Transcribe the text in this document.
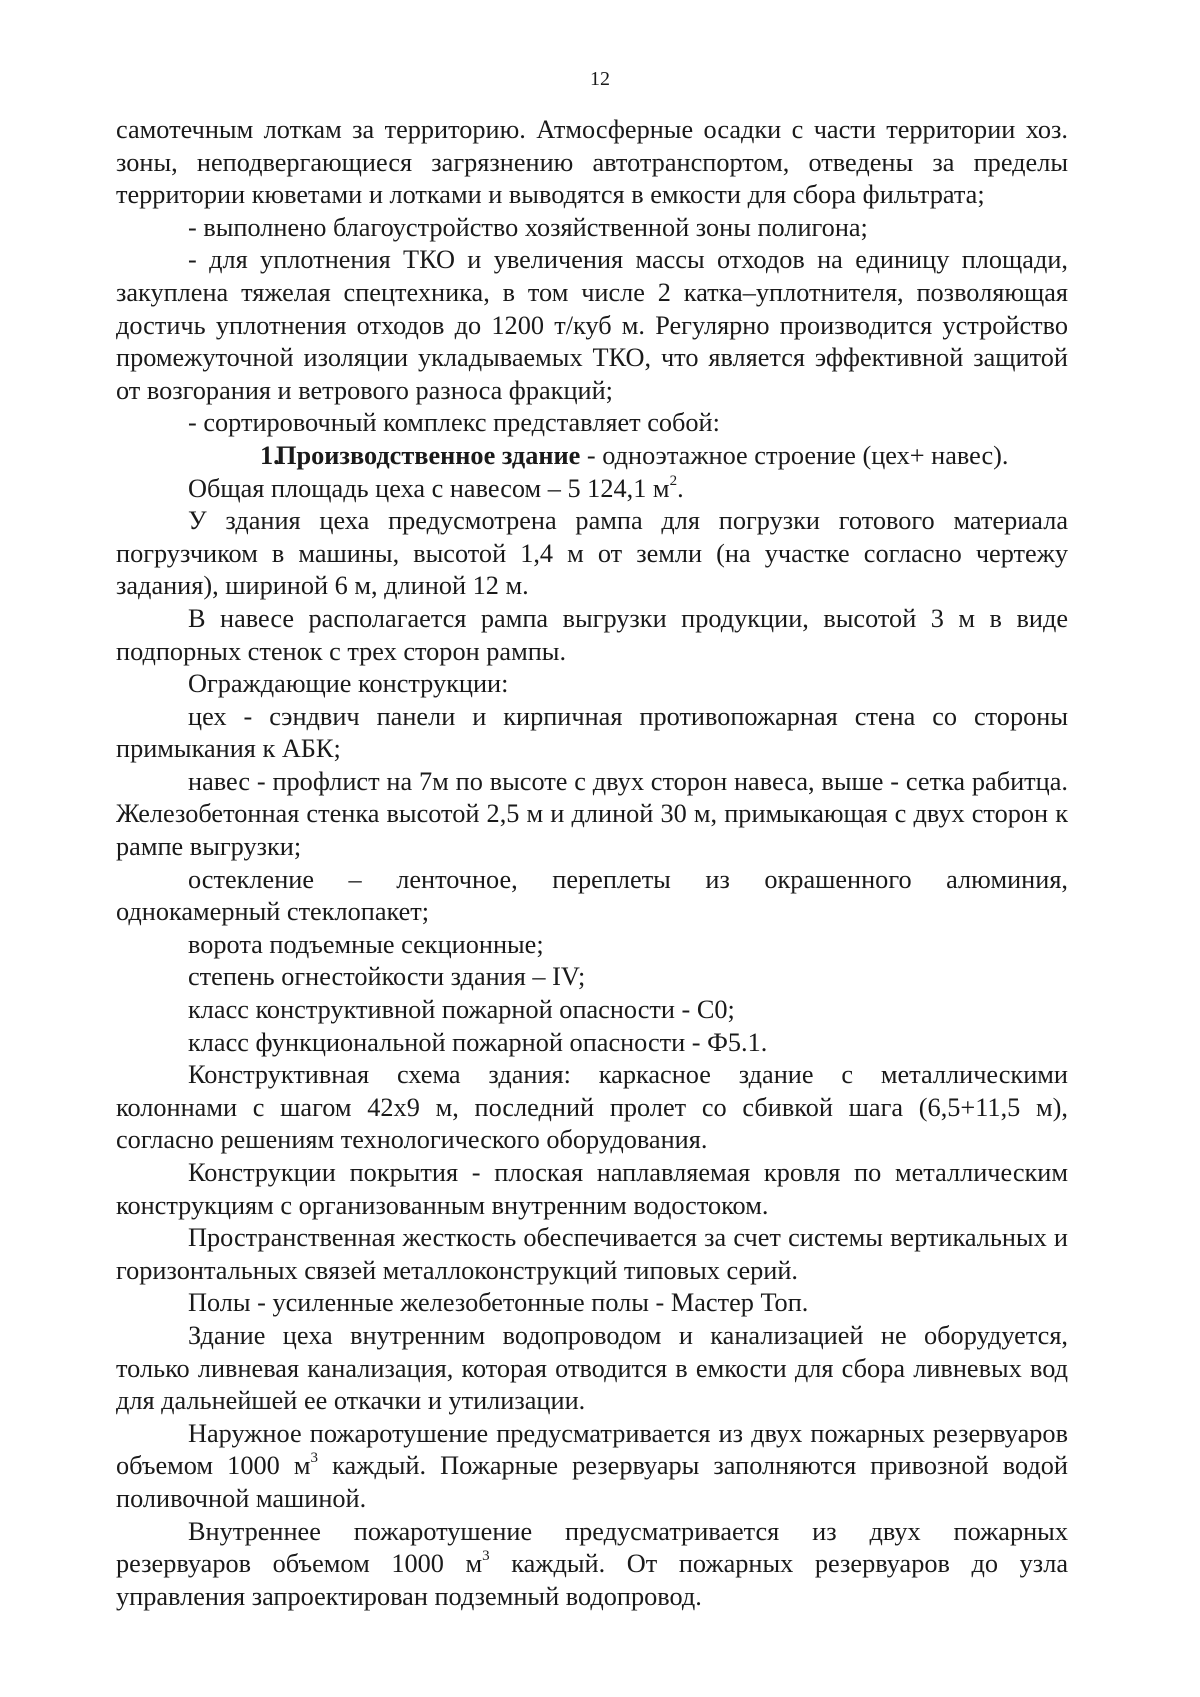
12

самотечным лоткам за территорию. Атмосферные осадки с части территории хоз. зоны, неподвергающиеся загрязнению автотранспортом, отведены за пределы территории кюветами и лотками и выводятся в емкости для сбора фильтрата;

- выполнено благоустройство хозяйственной зоны полигона;

- для уплотнения ТКО и увеличения массы отходов на единицу площади, закуплена тяжелая спецтехника, в том числе 2 катка–уплотнителя, позволяющая достичь уплотнения отходов до 1200 т/куб м. Регулярно производится устройство промежуточной изоляции укладываемых ТКО, что является эффективной защитой от возгорания и ветрового разноса фракций;

- сортировочный комплекс представляет собой:

1.Производственное здание - одноэтажное строение (цех+ навес).

Общая площадь цеха с навесом – 5 124,1 $м^2$.

У здания цеха предусмотрена рампа для погрузки готового материала погрузчиком в машины, высотой 1,4 м от земли (на участке согласно чертежу задания), шириной 6 м, длиной 12 м.

В навесе располагается рампа выгрузки продукции, высотой 3 м в виде подпорных стенок с трех сторон рампы.

Ограждающие конструкции:

цех - сэндвич панели и кирпичная противопожарная стена со стороны примыкания к АБК;

навес - профлист на 7м по высоте с двух сторон навеса, выше - сетка рабитца. Железобетонная стенка высотой 2,5 м и длиной 30 м, примыкающая с двух сторон к рампе выгрузки;

остекление – ленточное, переплеты из окрашенного алюминия, однокамерный стеклопакет;

ворота подъемные секционные;

степень огнестойкости здания – IV;

класс конструктивной пожарной опасности - С0;

класс функциональной пожарной опасности - Ф5.1.

Конструктивная схема здания: каркасное здание с металлическими колоннами с шагом 42х9 м, последний пролет со сбивкой шага (6,5+11,5 м), согласно решениям технологического оборудования.

Конструкции покрытия - плоская наплавляемая кровля по металлическим конструкциям с организованным внутренним водостоком.

Пространственная жесткость обеспечивается за счет системы вертикальных и горизонтальных связей металлоконструкций типовых серий.

Полы - усиленные железобетонные полы - Мастер Топ.

Здание цеха внутренним водопроводом и канализацией не оборудуется, только ливневая канализация, которая отводится в емкости для сбора ливневых вод для дальнейшей ее откачки и утилизации.

Наружное пожаротушение предусматривается из двух пожарных резервуаров объемом 1000 $м^3$ каждый. Пожарные резервуары заполняются привозной водой поливочной машиной.

Внутреннее пожаротушение предусматривается из двух пожарных резервуаров объемом 1000 $м^3$ каждый. От пожарных резервуаров до узла управления запроектирован подземный водопровод.
